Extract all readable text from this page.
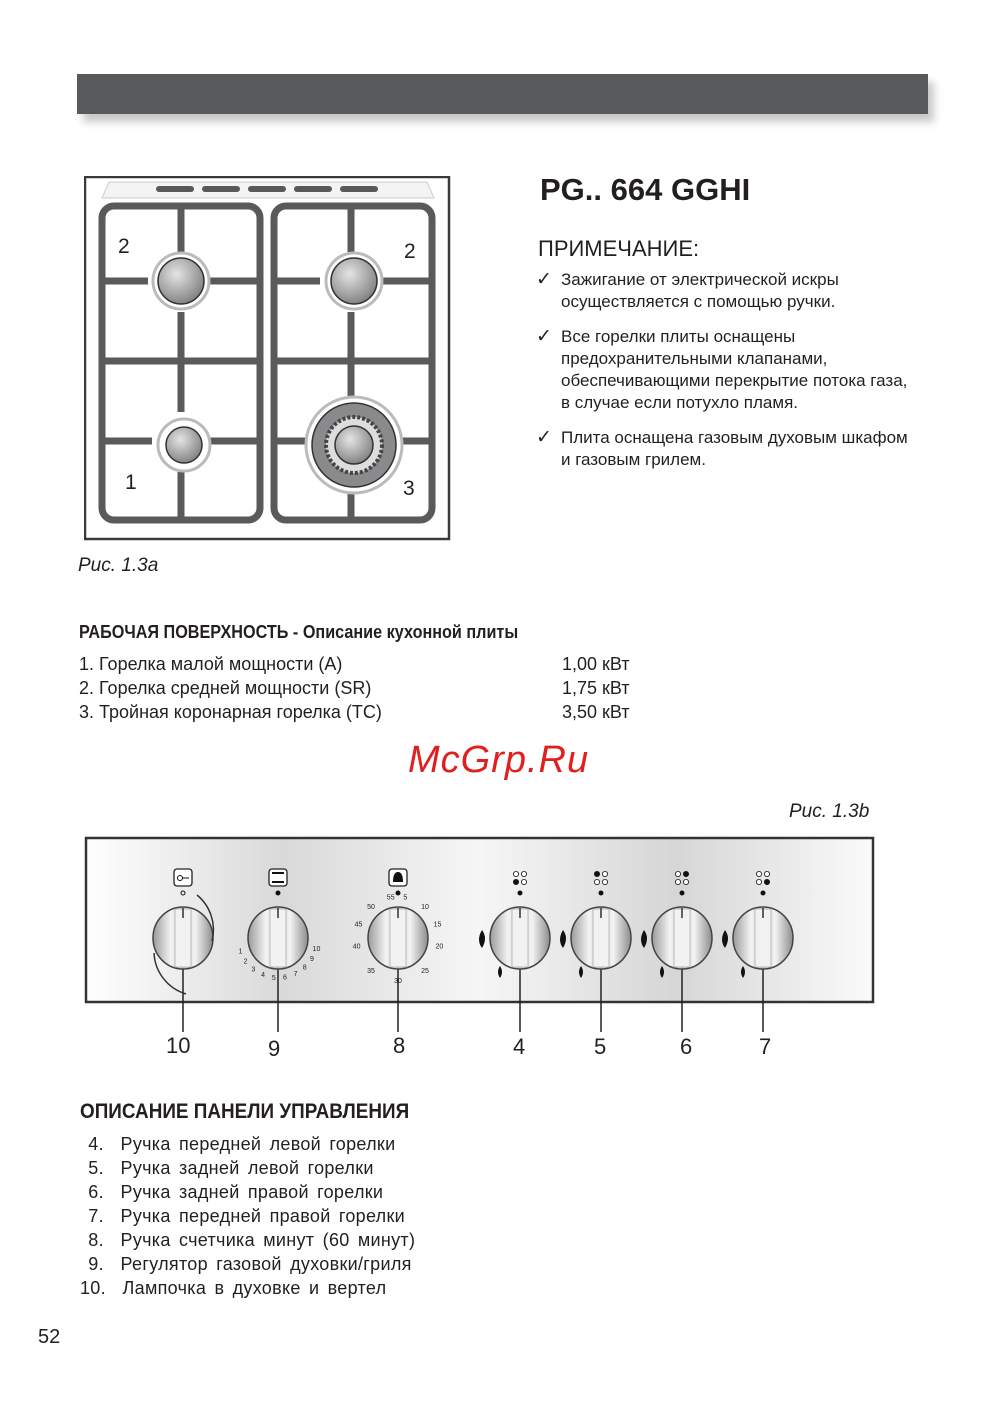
2	2
1	3
Рис. 1.3a
PG.. 664 GGHI
ПРИМЕЧАНИЕ:
✓ Зажигание от электрической искры осуществляется с помощью ручки.
✓ Все горелки плиты оснащены предохранительными клапанами, обеспечивающими перекрытие потока газа, в случае если потухло пламя.
✓ Плита оснащена газовым духовым шкафом и газовым грилем.
РАБОЧАЯ ПОВЕРХНОСТЬ - Описание кухонной плиты
1. Горелка малой мощности (A)	1,00 кВт
2. Горелка средней мощности (SR)	1,75 кВт
3. Тройная коронарная горелка (TC)	3,50 кВт
McGrp.Ru
Рис. 1.3b
1
2
3
4 5 6 7
8
9
10
55 5
50	10
45	15
40	20
35	25
30
10	9	8	4	5	6	7
ОПИСАНИЕ ПАНЕЛИ УПРАВЛЕНИЯ
4.  Ручка передней левой горелки
5.  Ручка задней левой горелки
6.  Ручка задней правой горелки
7.  Ручка передней правой горелки
8.  Ручка счетчика минут (60 минут)
9.  Регулятор газовой духовки/гриля
10.  Лампочка в духовке и вертел
52
